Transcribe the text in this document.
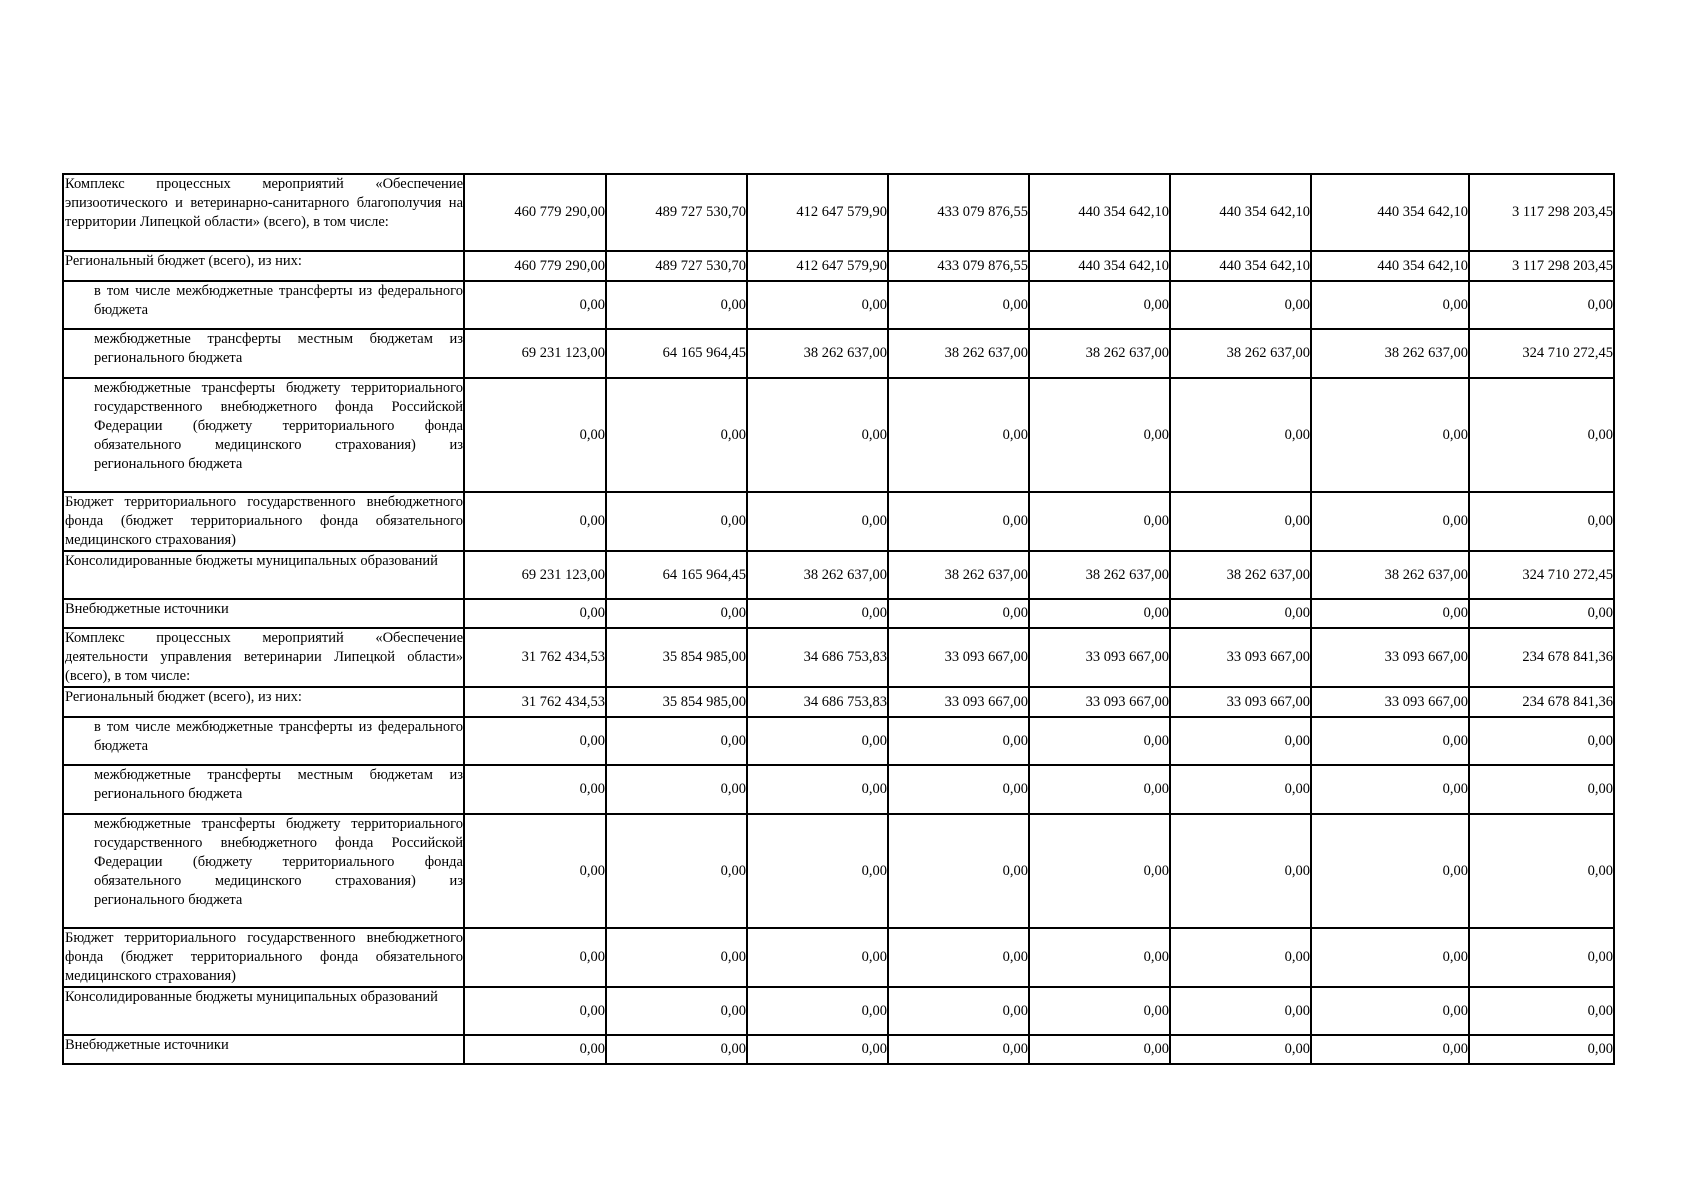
Комплекс процессных мероприятий «Обеспечение эпизоотического и ветеринарно-санитарного благополучия на территории Липецкой области» (всего), в том числе:	460 779 290,00	489 727 530,70	412 647 579,90	433 079 876,55	440 354 642,10	440 354 642,10	440 354 642,10	3 117 298 203,45
Региональный бюджет (всего), из них:	460 779 290,00	489 727 530,70	412 647 579,90	433 079 876,55	440 354 642,10	440 354 642,10	440 354 642,10	3 117 298 203,45
в том числе межбюджетные трансферты из федерального бюджета	0,00	0,00	0,00	0,00	0,00	0,00	0,00	0,00
межбюджетные трансферты местным бюджетам из регионального бюджета	69 231 123,00	64 165 964,45	38 262 637,00	38 262 637,00	38 262 637,00	38 262 637,00	38 262 637,00	324 710 272,45
межбюджетные трансферты бюджету территориального государственного внебюджетного фонда Российской Федерации (бюджету территориального фонда обязательного медицинского страхования) из регионального бюджета	0,00	0,00	0,00	0,00	0,00	0,00	0,00	0,00
Бюджет территориального государственного внебюджетного фонда (бюджет территориального фонда обязательного медицинского страхования)	0,00	0,00	0,00	0,00	0,00	0,00	0,00	0,00
Консолидированные бюджеты муниципальных образований	69 231 123,00	64 165 964,45	38 262 637,00	38 262 637,00	38 262 637,00	38 262 637,00	38 262 637,00	324 710 272,45
Внебюджетные источники	0,00	0,00	0,00	0,00	0,00	0,00	0,00	0,00
Комплекс процессных мероприятий «Обеспечение деятельности управления ветеринарии Липецкой области» (всего), в том числе:	31 762 434,53	35 854 985,00	34 686 753,83	33 093 667,00	33 093 667,00	33 093 667,00	33 093 667,00	234 678 841,36
Региональный бюджет (всего), из них:	31 762 434,53	35 854 985,00	34 686 753,83	33 093 667,00	33 093 667,00	33 093 667,00	33 093 667,00	234 678 841,36
в том числе межбюджетные трансферты из федерального бюджета	0,00	0,00	0,00	0,00	0,00	0,00	0,00	0,00
межбюджетные трансферты местным бюджетам из регионального бюджета	0,00	0,00	0,00	0,00	0,00	0,00	0,00	0,00
межбюджетные трансферты бюджету территориального государственного внебюджетного фонда Российской Федерации (бюджету территориального фонда обязательного медицинского страхования) из регионального бюджета	0,00	0,00	0,00	0,00	0,00	0,00	0,00	0,00
Бюджет территориального государственного внебюджетного фонда (бюджет территориального фонда обязательного медицинского страхования)	0,00	0,00	0,00	0,00	0,00	0,00	0,00	0,00
Консолидированные бюджеты муниципальных образований	0,00	0,00	0,00	0,00	0,00	0,00	0,00	0,00
Внебюджетные источники	0,00	0,00	0,00	0,00	0,00	0,00	0,00	0,00
